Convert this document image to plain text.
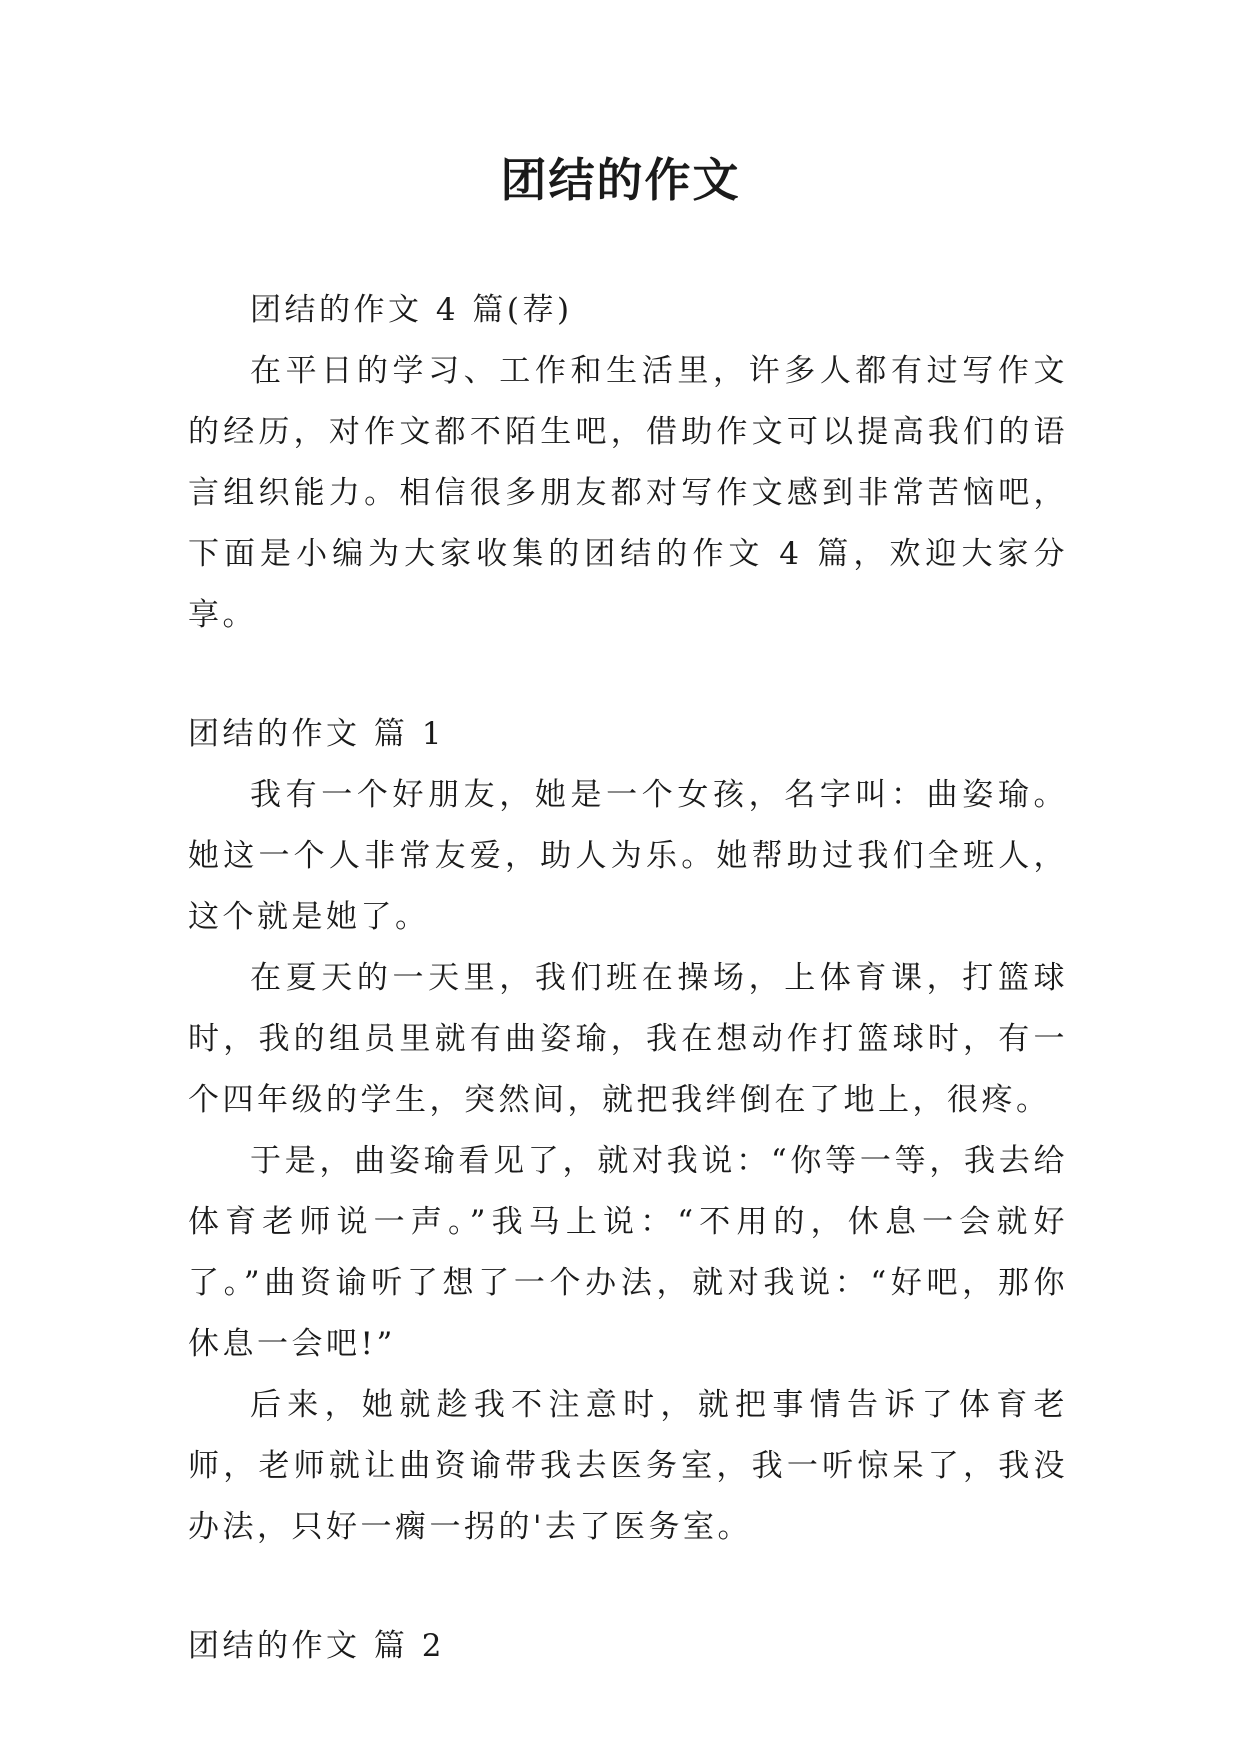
团结的作文

团结的作文 4 篇(荐)

在平日的学习、工作和生活里，许多人都有过写作文的经历，对作文都不陌生吧，借助作文可以提高我们的语言组织能力。相信很多朋友都对写作文感到非常苦恼吧，下面是小编为大家收集的团结的作文 4 篇，欢迎大家分享。

团结的作文 篇 1

我有一个好朋友，她是一个女孩，名字叫：曲姿瑜。她这一个人非常友爱，助人为乐。她帮助过我们全班人，这个就是她了。

在夏天的一天里，我们班在操场，上体育课，打篮球时，我的组员里就有曲姿瑜，我在想动作打篮球时，有一个四年级的学生，突然间，就把我绊倒在了地上，很疼。

于是，曲姿瑜看见了，就对我说：“你等一等，我去给体育老师说一声。”我马上说：“不用的，休息一会就好了。”曲资谕听了想了一个办法，就对我说：“好吧，那你休息一会吧!”

后来，她就趁我不注意时，就把事情告诉了体育老师，老师就让曲资谕带我去医务室，我一听惊呆了，我没办法，只好一瘸一拐的'去了医务室。

团结的作文 篇 2
